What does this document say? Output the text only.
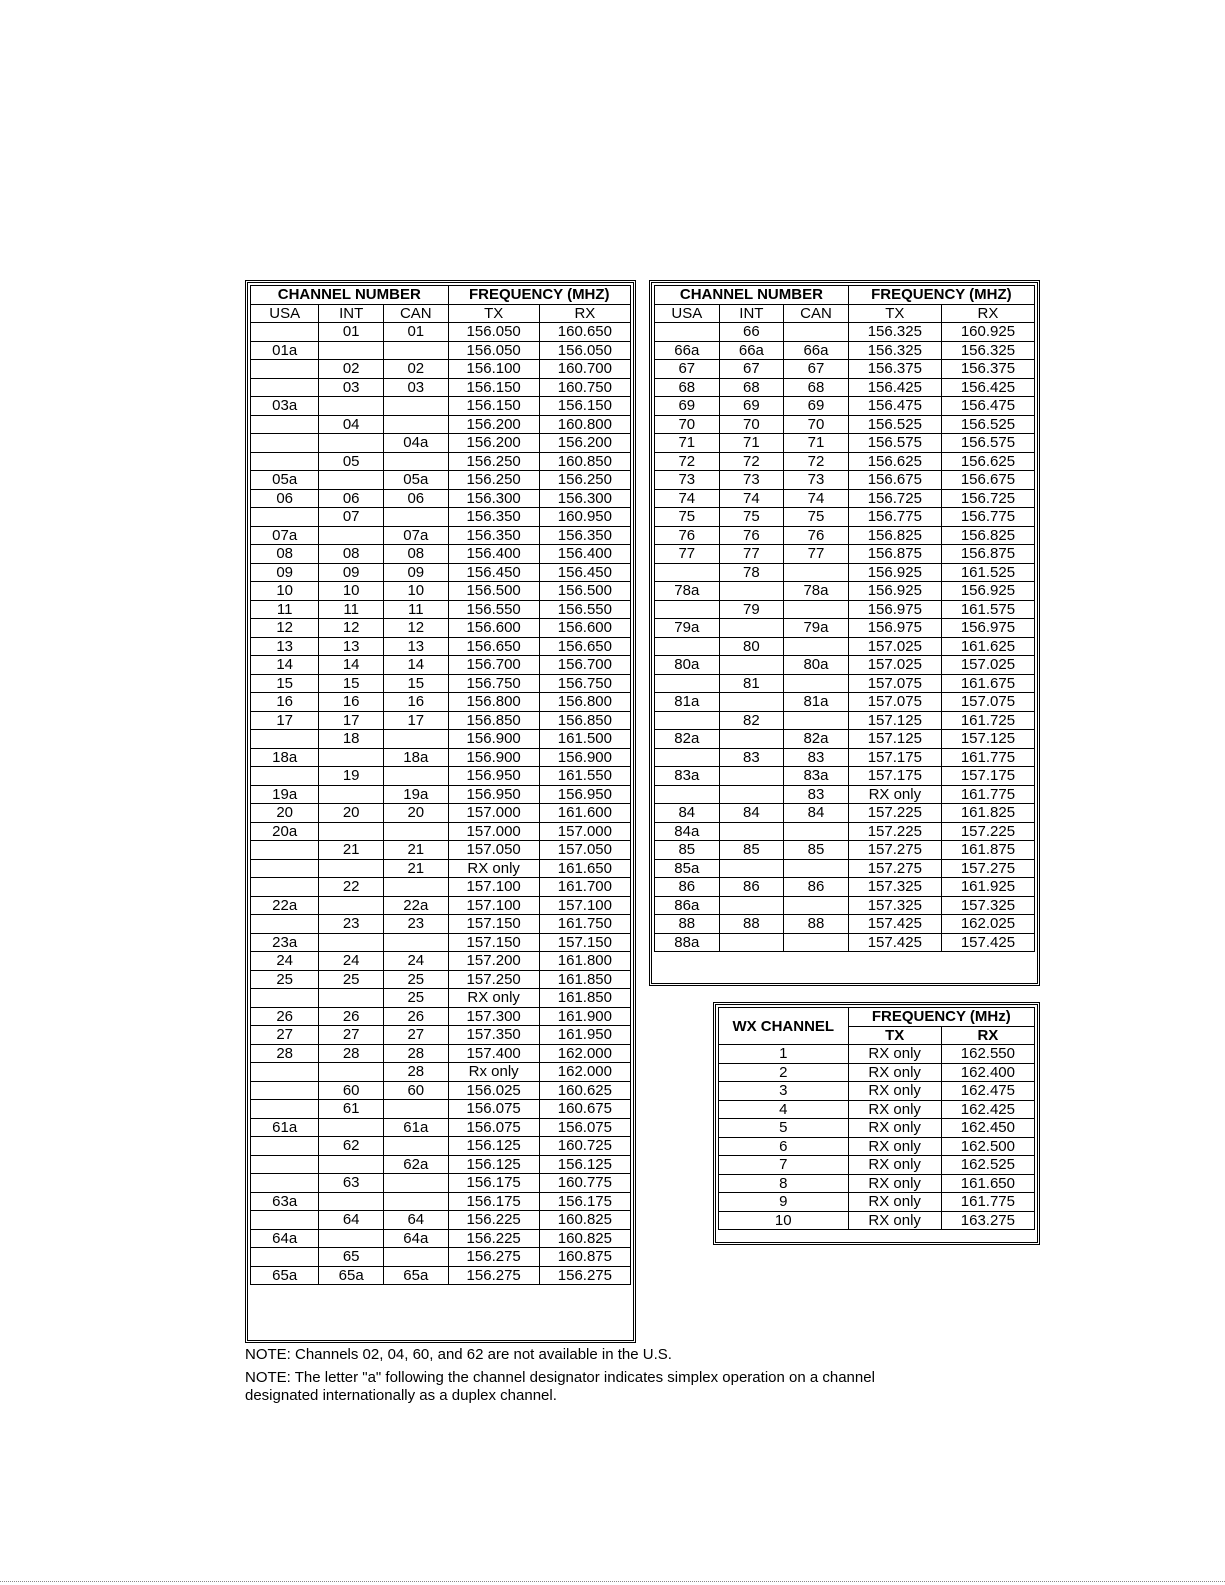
CHANNEL NUMBER			FREQUENCY (MHZ)	
USA	INT	CAN	TX	RX
	01	01	156.050	160.650
01a			156.050	156.050
	02	02	156.100	160.700
	03	03	156.150	160.750
03a			156.150	156.150
	04		156.200	160.800
		04a	156.200	156.200
	05		156.250	160.850
05a		05a	156.250	156.250
06	06	06	156.300	156.300
	07		156.350	160.950
07a		07a	156.350	156.350
08	08	08	156.400	156.400
09	09	09	156.450	156.450
10	10	10	156.500	156.500
11	11	11	156.550	156.550
12	12	12	156.600	156.600
13	13	13	156.650	156.650
14	14	14	156.700	156.700
15	15	15	156.750	156.750
16	16	16	156.800	156.800
17	17	17	156.850	156.850
	18		156.900	161.500
18a		18a	156.900	156.900
	19		156.950	161.550
19a		19a	156.950	156.950
20	20	20	157.000	161.600
20a			157.000	157.000
	21	21	157.050	157.050
		21	RX only	161.650
	22		157.100	161.700
22a		22a	157.100	157.100
	23	23	157.150	161.750
23a			157.150	157.150
24	24	24	157.200	161.800
25	25	25	157.250	161.850
		25	RX only	161.850
26	26	26	157.300	161.900
27	27	27	157.350	161.950
28	28	28	157.400	162.000
		28	Rx only	162.000
	60	60	156.025	160.625
	61		156.075	160.675
61a		61a	156.075	156.075
	62		156.125	160.725
		62a	156.125	156.125
	63		156.175	160.775
63a			156.175	156.175
	64	64	156.225	160.825
64a		64a	156.225	160.825
	65		156.275	160.875
65a	65a	65a	156.275	156.275
CHANNEL NUMBER			FREQUENCY (MHZ)	
USA	INT	CAN	TX	RX
	66		156.325	160.925
66a	66a	66a	156.325	156.325
67	67	67	156.375	156.375
68	68	68	156.425	156.425
69	69	69	156.475	156.475
70	70	70	156.525	156.525
71	71	71	156.575	156.575
72	72	72	156.625	156.625
73	73	73	156.675	156.675
74	74	74	156.725	156.725
75	75	75	156.775	156.775
76	76	76	156.825	156.825
77	77	77	156.875	156.875
	78		156.925	161.525
78a		78a	156.925	156.925
	79		156.975	161.575
79a		79a	156.975	156.975
	80		157.025	161.625
80a		80a	157.025	157.025
	81		157.075	161.675
81a		81a	157.075	157.075
	82		157.125	161.725
82a		82a	157.125	157.125
	83	83	157.175	161.775
83a		83a	157.175	157.175
		83	RX only	161.775
84	84	84	157.225	161.825
84a			157.225	157.225
85	85	85	157.275	161.875
85a			157.275	157.275
86	86	86	157.325	161.925
86a			157.325	157.325
88	88	88	157.425	162.025
88a			157.425	157.425
WX CHANNEL	FREQUENCY (MHz)	
	TX	RX
1	RX only	162.550
2	RX only	162.400
3	RX only	162.475
4	RX only	162.425
5	RX only	162.450
6	RX only	162.500
7	RX only	162.525
8	RX only	161.650
9	RX only	161.775
10	RX only	163.275

NOTE: Channels 02, 04, 60, and 62 are not available in the U.S.

NOTE: The letter "a" following the channel designator indicates simplex operation on a channel designated internationally as a duplex channel.
